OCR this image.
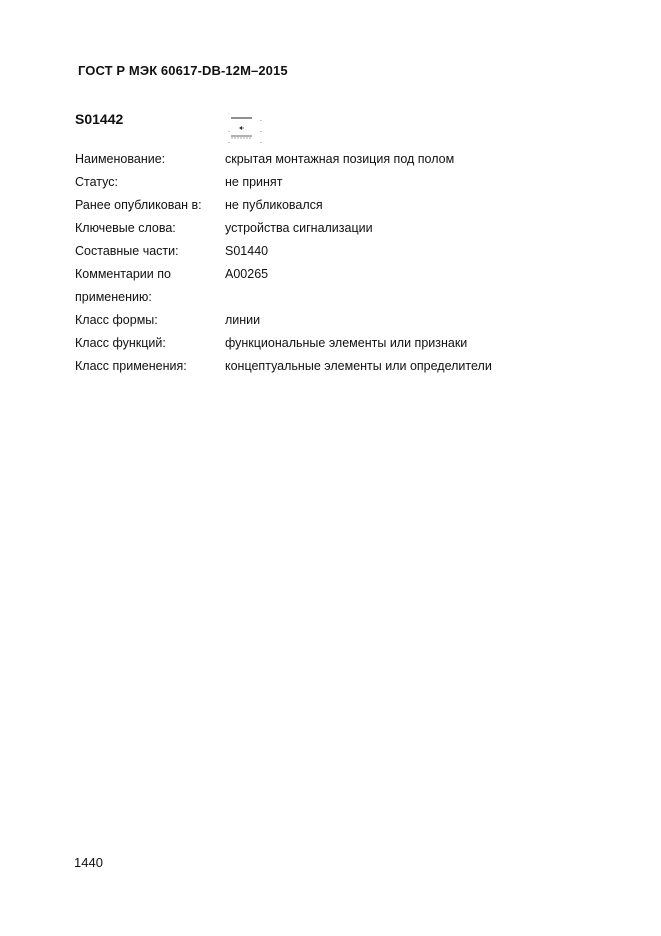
ГОСТ Р МЭК 60617-DB-12М–2015
S01442
Наименование:	скрытая монтажная позиция под полом
Статус:	не принят
Ранее опубликован в:	не публиковался
Ключевые слова:	устройства сигнализации
Составные части:	S01440
Комментарии по	A00265
применению:
Класс формы:	линии
Класс функций:	функциональные элементы или признаки
Класс применения:	концептуальные элементы или определители
1440
